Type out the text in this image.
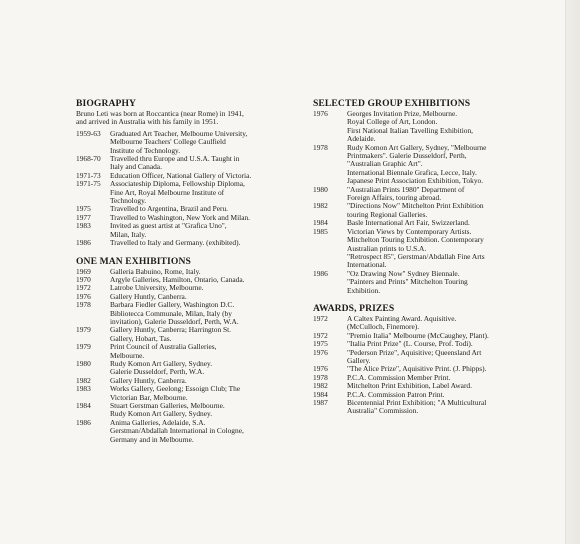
BIOGRAPHY
Bruno Leti was born at Roccantica (near Rome) in 1941,
and arrived in Australia with his family in 1951.
1959-63	Graduated Art Teacher, Melbourne University,
Melbourne Teachers' College Caulfield
Institute of Technology.
1968-70	Travelled thru Europe and U.S.A. Taught in
Italy and Canada.
1971-73	Education Officer, National Gallery of Victoria.
1971-75	Associateship Diploma, Fellowship Diploma,
Fine Art, Royal Melbourne Institute of
Technology.
1975	Travelled to Argentina, Brazil and Peru.
1977	Travelled to Washington, New York and Milan.
1983	Invited as guest artist at "Grafica Uno",
Milan, Italy.
1986	Travelled to Italy and Germany. (exhibited).
ONE MAN EXHIBITIONS
1969	Galleria Babuino, Rome, Italy.
1970	Argyle Galleries, Hamilton, Ontario, Canada.
1972	Latrobe University, Melbourne.
1976	Gallery Huntly, Canberra.
1978	Barbara Fiedler Gallery, Washington D.C.
Bibliotecca Communale, Milan, Italy (by
invitation), Galerie Dusseldorf, Perth, W.A.
1979	Gallery Huntly, Canberra; Harrington St.
Gallery, Hobart, Tas.
1979	Print Council of Australia Galleries,
Melbourne.
1980	Rudy Komon Art Gallery, Sydney.
Galerie Dusseldorf, Perth, W.A.
1982	Gallery Huntly, Canberra.
1983	Works Gallery, Geelong; Essoign Club; The
Victorian Bar, Melbourne.
1984	Stuart Gerstman Galleries, Melbourne.
Rudy Komon Art Gallery, Sydney.
1986	Anima Galleries, Adelaide, S.A.
Gerstman/Abdallah International in Cologne,
Germany and in Melbourne.
SELECTED GROUP EXHIBITIONS
1976	Georges Invitation Prize, Melbourne.
Royal College of Art, London.
First National Italian Tavelling Exhibition,
Adelaide.
1978	Rudy Komon Art Gallery, Sydney, "Melbourne
Printmakers". Galerie Dusseldorf, Perth,
"Australian Graphic Art".
International Biennale Grafica, Lecce, Italy.
Japanese Print Association Exhibition, Tokyo.
1980	"Australian Prints 1980" Department of
Foreign Affairs, touring abroad.
1982	"Directions Now" Mitchelton Print Exhibition
touring Regional Galleries.
1984	Basle International Art Fair, Swizzerland.
1985	Victorian Views by Contemporary Artists.
Mitchelton Touring Exhibition. Contemporary
Australian prints to U.S.A.
"Retrospect 85", Gerstman/Abdallah Fine Arts
International.
1986	"Oz Drawing Now" Sydney Biennale.
"Painters and Prints" Mitchelton Touring
Exhibition.
AWARDS, PRIZES
1972	A Caltex Painting Award. Aquisitive.
(McCulloch, Finemore).
1972	"Premio Italia" Melbourne (McCaughey, Plant).
1975	"Italia Print Prize" (L. Course, Prof. Todi).
1976	"Pederson Prize", Aquisitive; Queensland Art
Gallery.
1976	"The Alice Prize", Aquisitive Print. (J. Phipps).
1978	P.C.A. Commission Member Print.
1982	Mitchelton Print Exhibition, Label Award.
1984	P.C.A. Commission Patron Print.
1987	Bicentennial Print Exhibition; "A Multicultural
Australia" Commission.
